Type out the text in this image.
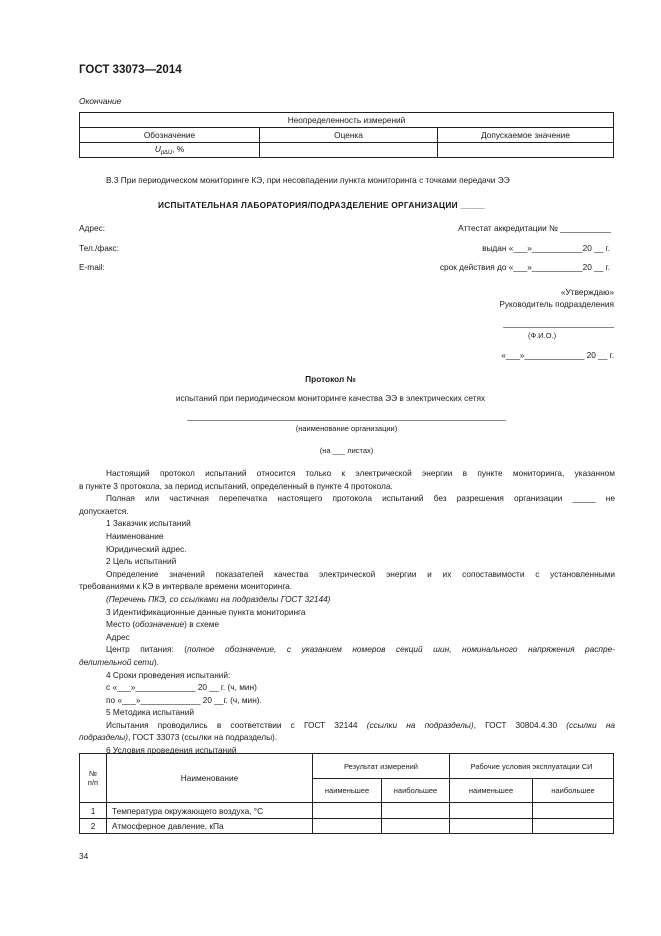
ГОСТ 33073—2014
Окончание
Неопределенность измерений		
Обозначение	Оценка	Допускаемое значение
$U_{p\Delta U}$, %		
В.3 При периодическом мониторинге КЭ, при несовпадении пункта мониторинга с точками передачи ЭЭ
ИСПЫТАТЕЛЬНАЯ ЛАБОРАТОРИЯ/ПОДРАЗДЕЛЕНИЕ ОРГАНИЗАЦИИ _____
Адрес:
Тел./факс:
E-mail:
Аттестат аккредитации № ___________
выдан «___»___________20 __ г.
срок действия до «___»___________20 __ г.
«Утверждаю»
Руководитель подразделения
________________________
(Ф.И.О.)
«___»_____________ 20 __ г.
Протокол №
испытаний при периодическом мониторинге качества ЭЭ в электрических сетях
_____________________________________________________________________
(наименование организации)
(на ___ листах)
Настоящий протокол испытаний относится только к электрической энергии в пункте мониторинга, указанном
в пункте 3 протокола, за период испытаний, определенный в пункте 4 протокола.
Полная или частичная перепечатка настоящего протокола испытаний без разрешения организации _____ не
допускается.
1 Заказчик испытаний
Наименование
Юридический адрес.
2 Цель испытаний
Определение значений показателей качества электрической энергии и их сопоставимости с установленными
требованиями к КЭ в интервале времени мониторинга.
(Перечень ПКЭ, со ссылками на подразделы ГОСТ 32144)
3 Идентификационные данные пункта мониторинга
Место (обозначение) в схеме
Адрес
Центр питания: (полное обозначение, с указанием номеров секций шин, номинального напряжения распре-
делительной сети).
4 Сроки проведения испытаний:
с «___»_____________ 20 __ г. (ч, мин)
по «___»_____________ 20 __г. (ч, мин).
5 Методика испытаний
Испытания проводились в соответствии с ГОСТ 32144 (ссылки на подразделы), ГОСТ 30804.4.30 (ссылки на
подразделы), ГОСТ 33073 (ссылки на подразделы).
6 Условия проведения испытаний
№
п/п	Наименование	Результат измерений		Рабочие условия эксплуатации СИ	
		наименьшее	наибольшее	наименьшее	наибольшее
1	Температура окружающего воздуха, °С				
2	Атмосферное давление, кПа				
34
